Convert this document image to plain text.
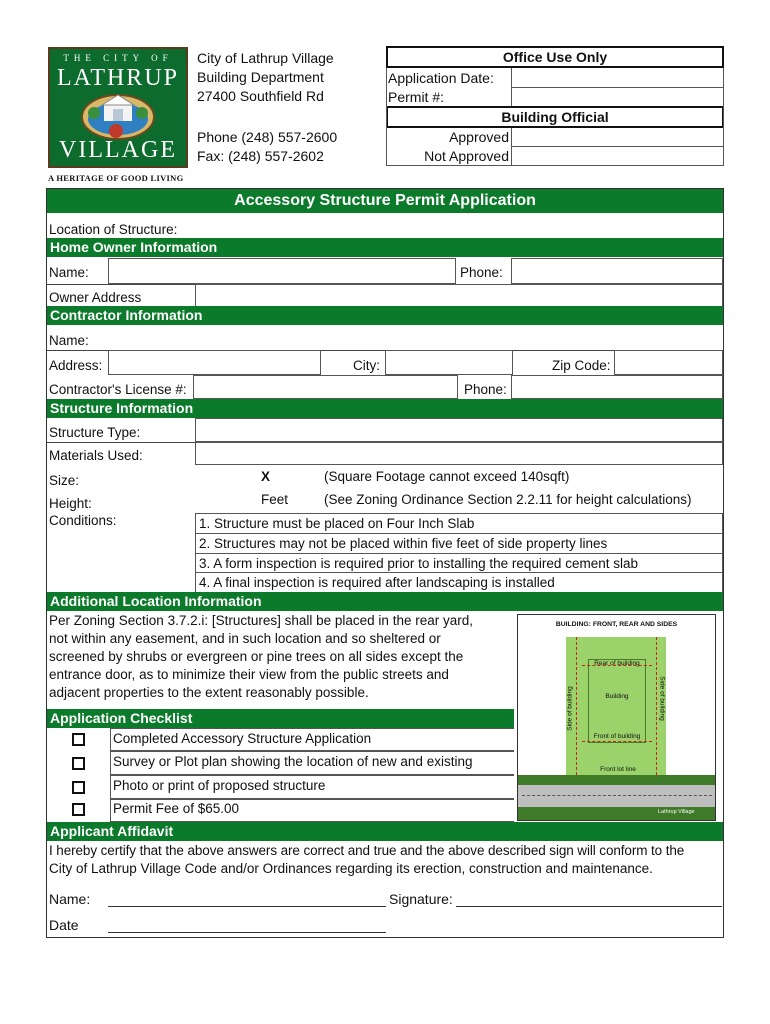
THE CITY OF
LATHRUP
VILLAGE
A HERITAGE OF GOOD LIVING
City of Lathrup Village
Building Department
27400 Southfield Rd
Phone (248) 557-2600
Fax: (248) 557-2602
Office Use Only
Application Date:
Permit #:
Building Official
Approved
Not Approved
Accessory Structure Permit Application
Location of Structure:
Home Owner Information
Name:	Phone:
Owner Address
Contractor Information
Name:
Address:	City:	Zip Code:
Contractor's License #:	Phone:
Structure Information
Structure Type:
Materials Used:
Size:	X	(Square Footage cannot exceed 140sqft)
Height:	Feet	(See Zoning Ordinance Section 2.2.11 for height calculations)
Conditions:	1. Structure must be placed on Four Inch Slab
2. Structures may not be placed within five feet of side property lines
3. A form inspection is required prior to installing the required cement slab
4. A final inspection is required after landscaping is installed
Additional Location Information
Per Zoning Section 3.7.2.i: [Structures] shall be placed in the rear yard,
not within any easement, and in such location and so sheltered or
screened by shrubs or evergreen or pine trees on all sides except the
entrance door, as to minimize their view from the public streets and
adjacent properties to the extent reasonably possible.
BUILDING: FRONT, REAR AND SIDES
Rear of building
Building
Front of building
Side of building	Side of building
Front lot line
Lathrup Village
Application Checklist
Completed Accessory Structure Application
Survey or Plot plan showing the location of new and existing
Photo or print of proposed structure
Permit Fee of $65.00
Applicant Affidavit
I hereby certify that the above answers are correct and true and the above described sign will conform to the
City of Lathrup Village Code and/or Ordinances regarding its erection, construction and maintenance.
Name:	Signature:
Date
